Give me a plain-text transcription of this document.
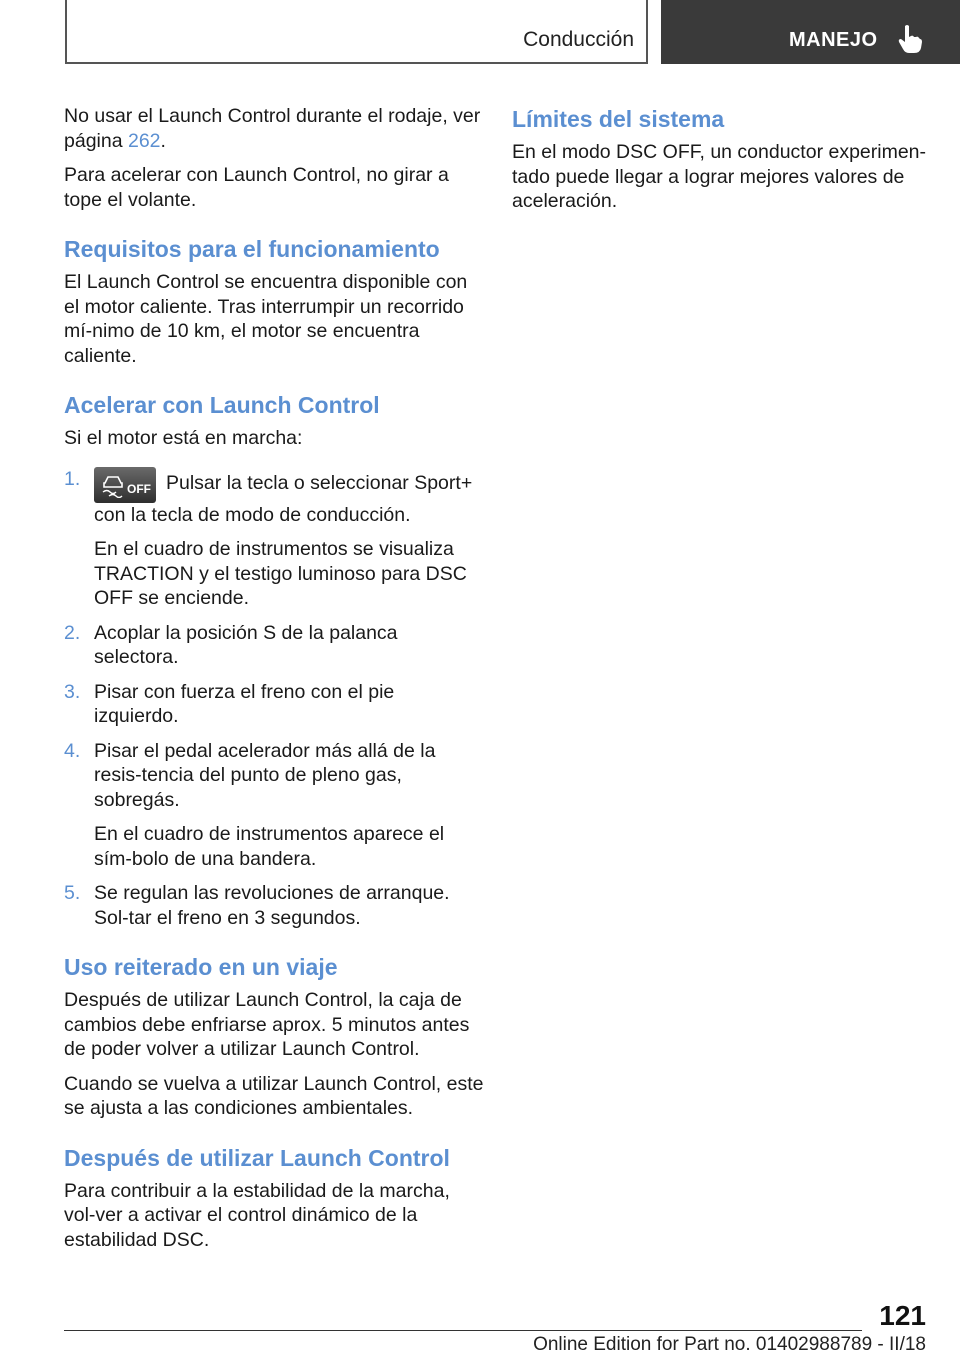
Conducción	MANEJO

No usar el Launch Control durante el rodaje, ver página 262.

Para acelerar con Launch Control, no girar a tope el volante.

Requisitos para el funcionamiento

El Launch Control se encuentra disponible con el motor caliente. Tras interrumpir un recorrido mí-nimo de 10 km, el motor se encuentra caliente.

Acelerar con Launch Control

Si el motor está en marcha:

1.	OFF Pulsar la tecla o seleccionar Sport+ con la tecla de modo de conducción.
En el cuadro de instrumentos se visualiza TRACTION y el testigo luminoso para DSC OFF se enciende.
2. Acoplar la posición S de la palanca selectora.
3. Pisar con fuerza el freno con el pie izquierdo.
4. Pisar el pedal acelerador más allá de la resis-tencia del punto de pleno gas, sobregás.
En el cuadro de instrumentos aparece el sím-bolo de una bandera.
5. Se regulan las revoluciones de arranque. Sol-tar el freno en 3 segundos.
Uso reiterado en un viaje

Después de utilizar Launch Control, la caja de cambios debe enfriarse aprox. 5 minutos antes de poder volver a utilizar Launch Control.

Cuando se vuelva a utilizar Launch Control, este se ajusta a las condiciones ambientales.

Después de utilizar Launch Control

Para contribuir a la estabilidad de la marcha, vol-ver a activar el control dinámico de la estabilidad DSC.

Límites del sistema

En el modo DSC OFF, un conductor experimen-tado puede llegar a lograr mejores valores de aceleración.

121
Online Edition for Part no. 01402988789 - II/18
